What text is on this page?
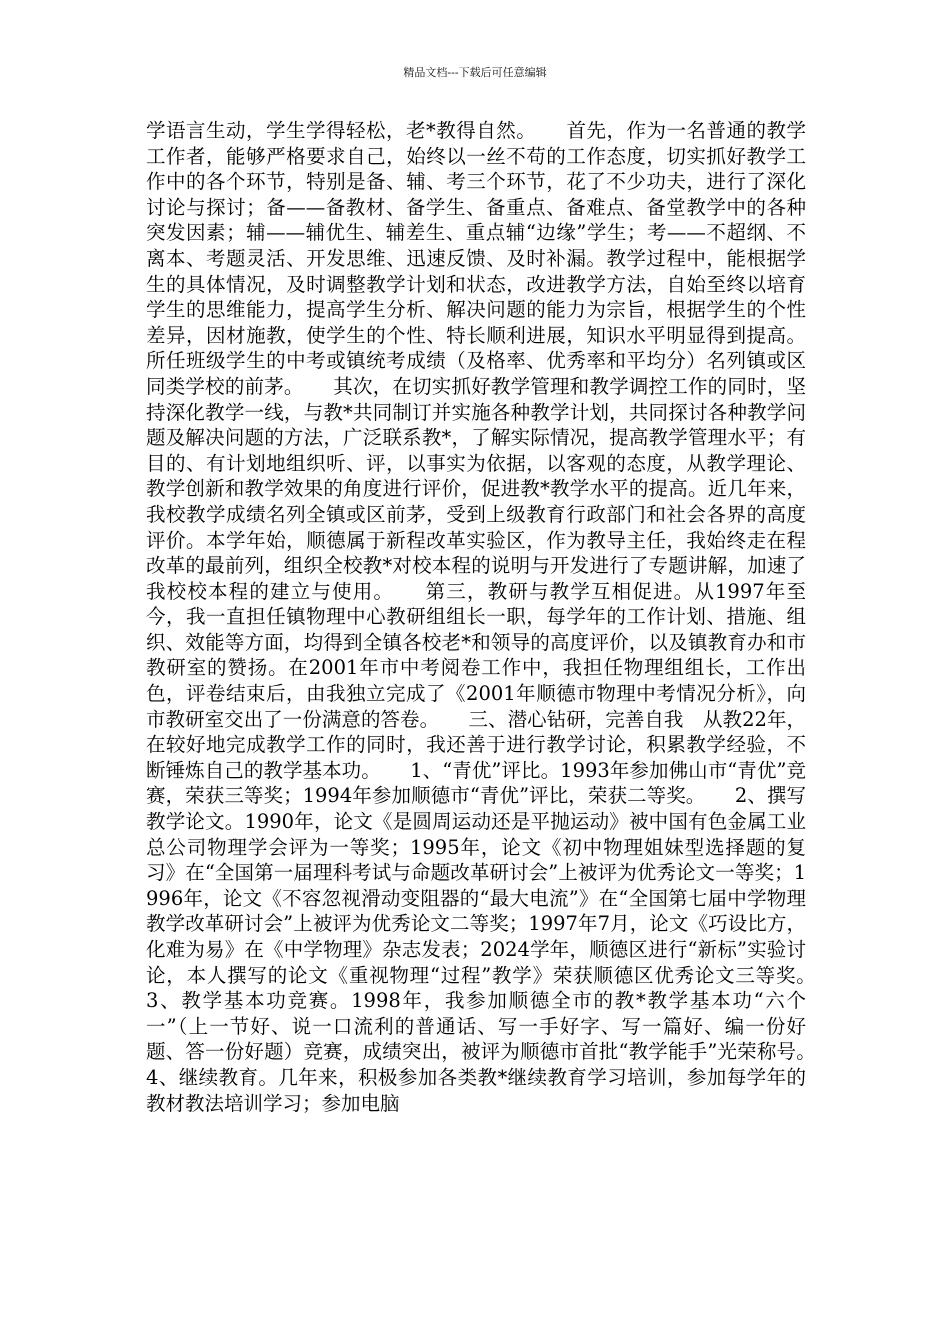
精品文档---下载后可任意编辑

学语言生动，学生学得轻松，老*教得自然。　　首先，作为一名普通的教学工作者，能够严格要求自己，始终以一丝不苟的工作态度，切实抓好教学工作中的各个环节，特别是备、辅、考三个环节，花了不少功夫，进行了深化讨论与探讨；备——备教材、备学生、备重点、备难点、备堂教学中的各种突发因素；辅——辅优生、辅差生、重点辅“边缘”学生；考——不超纲、不离本、考题灵活、开发思维、迅速反馈、及时补漏。教学过程中，能根据学生的具体情况，及时调整教学计划和状态，改进教学方法，自始至终以培育学生的思维能力，提高学生分析、解决问题的能力为宗旨，根据学生的个性差异，因材施教，使学生的个性、特长顺利进展，知识水平明显得到提高。所任班级学生的中考或镇统考成绩（及格率、优秀率和平均分）名列镇或区同类学校的前茅。　　其次，在切实抓好教学管理和教学调控工作的同时，坚持深化教学一线，与教*共同制订并实施各种教学计划，共同探讨各种教学问题及解决问题的方法，广泛联系教*，了解实际情况，提高教学管理水平；有目的、有计划地组织听、评，以事实为依据，以客观的态度，从教学理论、教学创新和教学效果的角度进行评价，促进教*教学水平的提高。近几年来，我校教学成绩名列全镇或区前茅，受到上级教育行政部门和社会各界的高度评价。本学年始，顺德属于新程改革实验区，作为教导主任，我始终走在程改革的最前列，组织全校教*对校本程的说明与开发进行了专题讲解，加速了我校校本程的建立与使用。　　第三，教研与教学互相促进。从1997年至今，我一直担任镇物理中心教研组组长一职，每学年的工作计划、措施、组织、效能等方面，均得到全镇各校老*和领导的高度评价，以及镇教育办和市教研室的赞扬。在2001年市中考阅卷工作中，我担任物理组组长，工作出色，评卷结束后，由我独立完成了《2001年顺德市物理中考情况分析》，向市教研室交出了一份满意的答卷。　　三、潜心钻研，完善自我　从教22年，在较好地完成教学工作的同时，我还善于进行教学讨论，积累教学经验，不断锤炼自己的教学基本功。　　1、“青优”评比。1993年参加佛山市“青优”竞赛，荣获三等奖；1994年参加顺德市“青优”评比，荣获二等奖。　　2、撰写教学论文。1990年，论文《是圆周运动还是平抛运动》被中国有色金属工业总公司物理学会评为一等奖；1995年，论文《初中物理姐妹型选择题的复习》在“全国第一届理科考试与命题改革研讨会”上被评为优秀论文一等奖；1996年，论文《不容忽视滑动变阻器的“最大电流”》在“全国第七届中学物理教学改革研讨会”上被评为优秀论文二等奖；1997年7月，论文《巧设比方，化难为易》在《中学物理》杂志发表；2024学年，顺德区进行“新标”实验讨论，本人撰写的论文《重视物理“过程”教学》荣获顺德区优秀论文三等奖。　　3、教学基本功竞赛。1998年，我参加顺德全市的教*教学基本功“六个一”（上一节好、说一口流利的普通话、写一手好字、写一篇好、编一份好题、答一份好题）竞赛，成绩突出，被评为顺德市首批“教学能手”光荣称号。　　4、继续教育。几年来，积极参加各类教*继续教育学习培训，参加每学年的教材教法培训学习；参加电脑
